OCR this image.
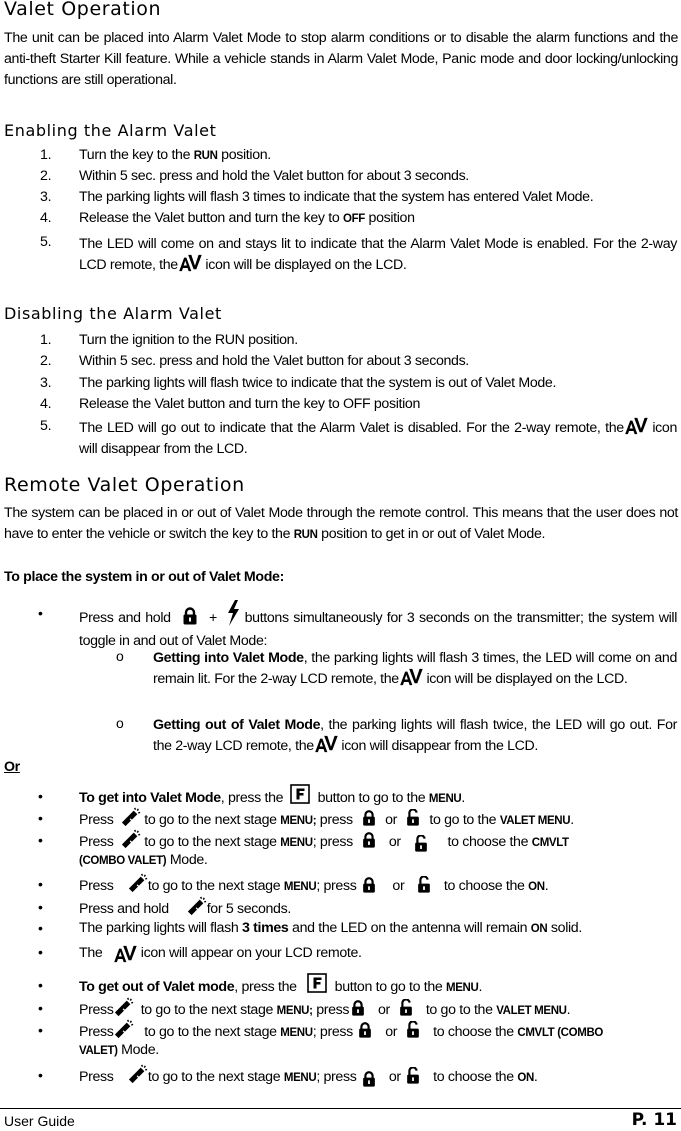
Valet Operation
The unit can be placed into Alarm Valet Mode to stop alarm conditions or to disable the alarm functions and the anti-theft Starter Kill feature. While a vehicle stands in Alarm Valet Mode, Panic mode and door locking/unlocking functions are still operational.
Enabling the Alarm Valet
1. Turn the key to the RUN position.
2. Within 5 sec. press and hold the Valet button for about 3 seconds.
3. The parking lights will flash 3 times to indicate that the system has entered Valet Mode.
4. Release the Valet button and turn the key to OFF position
5. The LED will come on and stays lit to indicate that the Alarm Valet Mode is enabled. For the 2-way LCD remote, the
icon will be displayed on the LCD.
Disabling the Alarm Valet
1. Turn the ignition to the RUN position.
2. Within 5 sec. press and hold the Valet button for about 3 seconds.
3. The parking lights will flash twice to indicate that the system is out of Valet Mode.
4. Release the Valet button and turn the key to OFF position
5. The LED will go out to indicate that the Alarm Valet is disabled. For the 2-way remote, the
icon will disappear from the LCD.
Remote Valet Operation
The system can be placed in or out of Valet Mode through the remote control. This means that the user does not have to enter the vehicle or switch the key to the RUN position to get in or out of Valet Mode.
To place the system in or out of Valet Mode:
•	Press and hold	+ buttons simultaneously for 3 seconds on the transmitter; the system will toggle in and out of Valet Mode:
o Getting into Valet Mode, the parking lights will flash 3 times, the LED will come on and remain lit. For the 2-way LCD remote, the
icon will be displayed on the LCD.
o Getting out of Valet Mode, the parking lights will flash twice, the LED will go out. For the 2-way LCD remote, the
icon will disappear from the LCD.
Or
•	To get into Valet Mode, press the button to go to the MENU.
•	Press to go to the next stage MENU; press or to go to the VALET MENU.
•	Press to go to the next stage MENU; press	or	to choose the CMVLT
(COMBO VALET) Mode.
•	Press to go to the next stage MENU; press	or	to choose the ON.
•	Press and hold	for 5 seconds.
•	The parking lights will flash 3 times and the LED on the antenna will remain ON solid.
•	The	icon will appear on your LCD remote.
•	To get out of Valet mode, press the	button to go to the MENU.
•	Press to go to the next stage MENU; press or	to go to the VALET MENU.
•	Press to go to the next stage MENU; press or	to choose the CMVLT (COMBO
VALET) Mode.
•	Press to go to the next stage MENU; press or to choose the ON.
User Guide	P. 11
